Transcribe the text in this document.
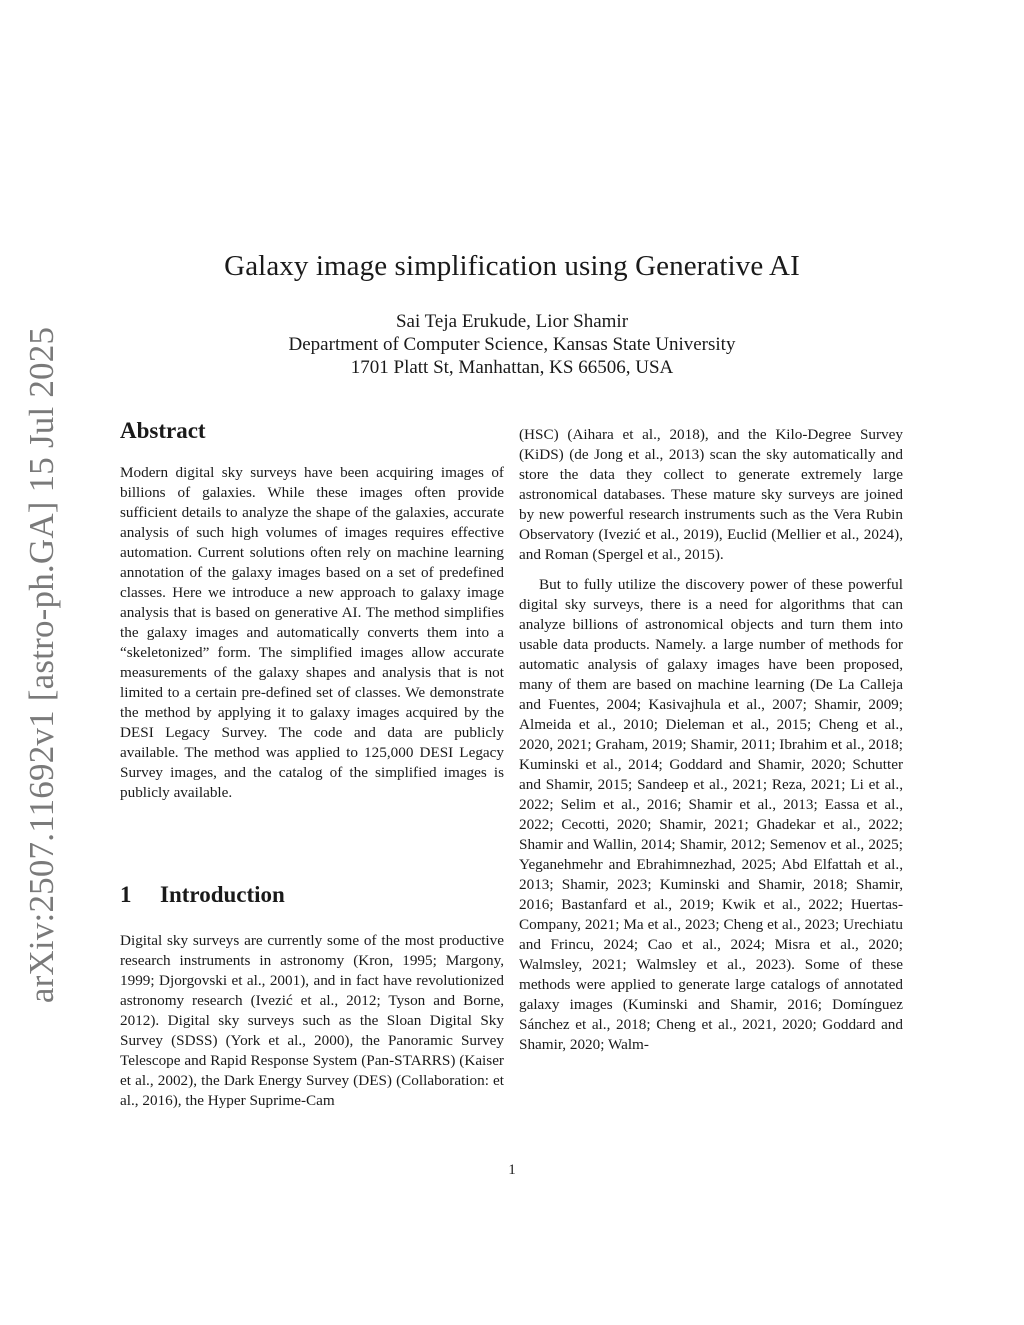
arXiv:2507.11692v1 [astro-ph.GA] 15 Jul 2025
Galaxy image simplification using Generative AI
Sai Teja Erukude, Lior Shamir
Department of Computer Science, Kansas State University
1701 Platt St, Manhattan, KS 66506, USA
Abstract

Modern digital sky surveys have been acquiring images of billions of galaxies. While these images often provide sufficient details to analyze the shape of the galaxies, accurate analysis of such high volumes of images requires effective automation. Current solutions often rely on machine learning annotation of the galaxy images based on a set of predefined classes. Here we introduce a new approach to galaxy image analysis that is based on generative AI. The method simplifies the galaxy images and automatically converts them into a “skeletonized” form. The simplified images allow accurate measurements of the galaxy shapes and analysis that is not limited to a certain pre-defined set of classes. We demonstrate the method by applying it to galaxy images acquired by the DESI Legacy Survey. The code and data are publicly available. The method was applied to 125,000 DESI Legacy Survey images, and the catalog of the simplified images is publicly available.

1 Introduction

Digital sky surveys are currently some of the most productive research instruments in astronomy (Kron, 1995; Margony, 1999; Djorgovski et al., 2001), and in fact have revolutionized astronomy research (Ivezić et al., 2012; Tyson and Borne, 2012). Digital sky surveys such as the Sloan Digital Sky Survey (SDSS) (York et al., 2000), the Panoramic Survey Telescope and Rapid Response System (Pan-STARRS) (Kaiser et al., 2002), the Dark Energy Survey (DES) (Collaboration: et al., 2016), the Hyper Suprime-Cam

(HSC) (Aihara et al., 2018), and the Kilo-Degree Survey (KiDS) (de Jong et al., 2013) scan the sky automatically and store the data they collect to generate extremely large astronomical databases. These mature sky surveys are joined by new powerful research instruments such as the Vera Rubin Observatory (Ivezić et al., 2019), Euclid (Mellier et al., 2024), and Roman (Spergel et al., 2015).

But to fully utilize the discovery power of these powerful digital sky surveys, there is a need for algorithms that can analyze billions of astronomical objects and turn them into usable data products. Namely. a large number of methods for automatic analysis of galaxy images have been proposed, many of them are based on machine learning (De La Calleja and Fuentes, 2004; Kasivajhula et al., 2007; Shamir, 2009; Almeida et al., 2010; Dieleman et al., 2015; Cheng et al., 2020, 2021; Graham, 2019; Shamir, 2011; Ibrahim et al., 2018; Kuminski et al., 2014; Goddard and Shamir, 2020; Schutter and Shamir, 2015; Sandeep et al., 2021; Reza, 2021; Li et al., 2022; Selim et al., 2016; Shamir et al., 2013; Eassa et al., 2022; Cecotti, 2020; Shamir, 2021; Ghadekar et al., 2022; Shamir and Wallin, 2014; Shamir, 2012; Semenov et al., 2025; Yeganehmehr and Ebrahimnezhad, 2025; Abd Elfattah et al., 2013; Shamir, 2023; Kuminski and Shamir, 2018; Shamir, 2016; Bastanfard et al., 2019; Kwik et al., 2022; Huertas-Company, 2021; Ma et al., 2023; Cheng et al., 2023; Urechiatu and Frincu, 2024; Cao et al., 2024; Misra et al., 2020; Walmsley, 2021; Walmsley et al., 2023). Some of these methods were applied to generate large catalogs of annotated galaxy images (Kuminski and Shamir, 2016; Domínguez Sánchez et al., 2018; Cheng et al., 2021, 2020; Goddard and Shamir, 2020; Walm-

1
